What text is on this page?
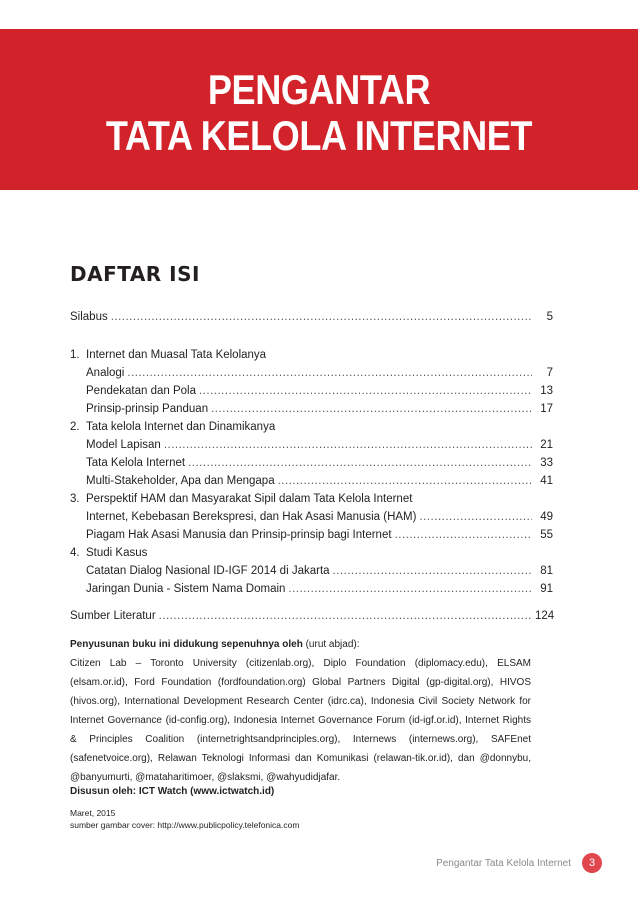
PENGANTAR
TATA KELOLA INTERNET
DAFTAR ISI
Silabus .....	5
1. Internet dan Muasal Tata Kelolanya
Analogi .....	7
Pendekatan dan Pola .....	13
Prinsip-prinsip Panduan .....	17
2. Tata kelola Internet dan Dinamikanya
Model Lapisan .....	21
Tata Kelola Internet .....	33
Multi-Stakeholder, Apa dan Mengapa .....	41
3. Perspektif HAM dan Masyarakat Sipil dalam Tata Kelola Internet
Internet, Kebebasan Berekspresi, dan Hak Asasi Manusia (HAM) .....	49
Piagam Hak Asasi Manusia dan Prinsip-prinsip bagi Internet .....	55
4. Studi Kasus
Catatan Dialog Nasional ID-IGF 2014 di Jakarta .....	81
Jaringan Dunia - Sistem Nama Domain .....	91
Sumber Literatur .....	124

Penyusunan buku ini didukung sepenuhnya oleh (urut abjad):

Citizen Lab – Toronto University (citizenlab.org), Diplo Foundation (diplomacy.edu), ELSAM (elsam.or.id), Ford Foundation (fordfoundation.org) Global Partners Digital (gp-digital.org), HIVOS (hivos.org), International Development Research Center (idrc.ca), Indonesia Civil Society Network for Internet Governance (id-config.org), Indonesia Internet Governance Forum (id-igf.or.id), Internet Rights & Principles Coalition (internetrightsandprinciples.org), Internews (internews.org), SAFEnet (safenetvoice.org), Relawan Teknologi Informasi dan Komunikasi (relawan-tik.or.id), dan @donnybu, @banyumurti, @mataharitimoer, @slaksmi, @wahyudidjafar.

Disusun oleh: ICT Watch (www.ictwatch.id)
Maret, 2015
sumber gambar cover: http://www.publicpolicy.telefonica.com
Pengantar Tata Kelola Internet	3
